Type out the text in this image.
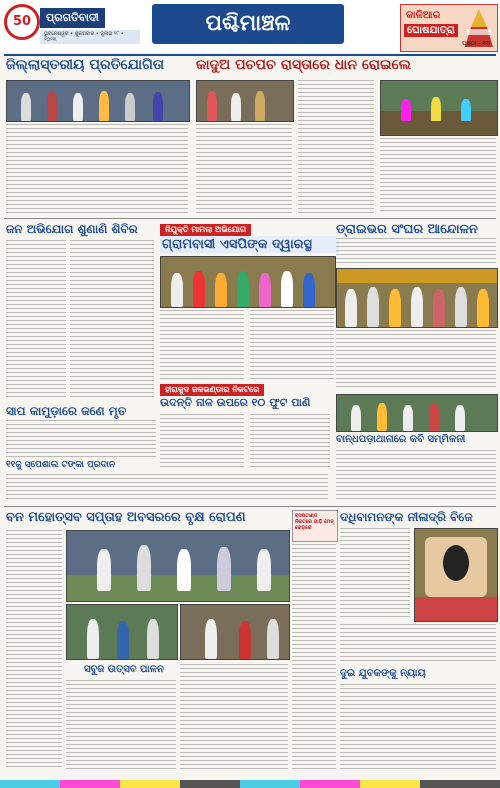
50	ପ୍ରଗତିବାଦୀ
ଭୁବନେଶ୍ୱର • ଶୁକ୍ରବାର • ଜୁଲାଇ ୨୮ • ୨୦୨୩
ପଶ୍ଚିମାଞ୍ଚଳ	କାଳିଆର
ଘୋଷଯାତ୍ରା
ପୃଷ୍ଠା - ୧୩
ଜିଲ୍ଲାସ୍ତରୀୟ ପ୍ରତିଯୋଗିତା	କାଦୁଅ ପଚପଚ ରାସ୍ତାରେ ଧାନ ରୋଇଲେ
ଜନ ଅଭିଯୋଗ ଶୁଣାଣି ଶିବିର	ନିଯୁକ୍ତି ମାମଲା ଅଭିଯୋଗ
ଗ୍ରାମବାସୀ ଏସପିଙ୍କ ଦ୍ୱାରସ୍ଥ
ଡ୍ରାଇଭର ସଂଘର ଆନ୍ଦୋଳନ
ସାପ କାମୁଡ଼ାରେ ଜଣେ ମୃତ
୧୧ଜୁ ସ୍ପେଶାଲ ଟଙ୍କା ପ୍ରଦାନ
ହୀରାକୁଦ ଜଳଭଣ୍ଡାର ନିକଟରେ
ଉଦନ୍ତି ନାଳ ଉପରେ ୧୦ ଫୁଟ ପାଣି
ବାନ୍ଧପଡ଼ାଥାନାରେ କବି ସମ୍ମିଳନୀ
ବନ ମହୋତ୍ସବ ସପ୍ତାହ ଅବସରରେ ବୃକ୍ଷ ରୋପଣ	ବସଷ୍ଟାଣ୍ଡ ନିକଟରେ ଗାଡ଼ି ମେନ୍ ରୋଡ଼ରେ
ଦଧିବାମନଙ୍କ ନୀଳାଦ୍ରି ବିଜେ
ସବୁଜ ଉତ୍ସବ ପାଳନ	ଦୁଇ ଯୁବକଙ୍କୁ ନ୍ୟାୟ
